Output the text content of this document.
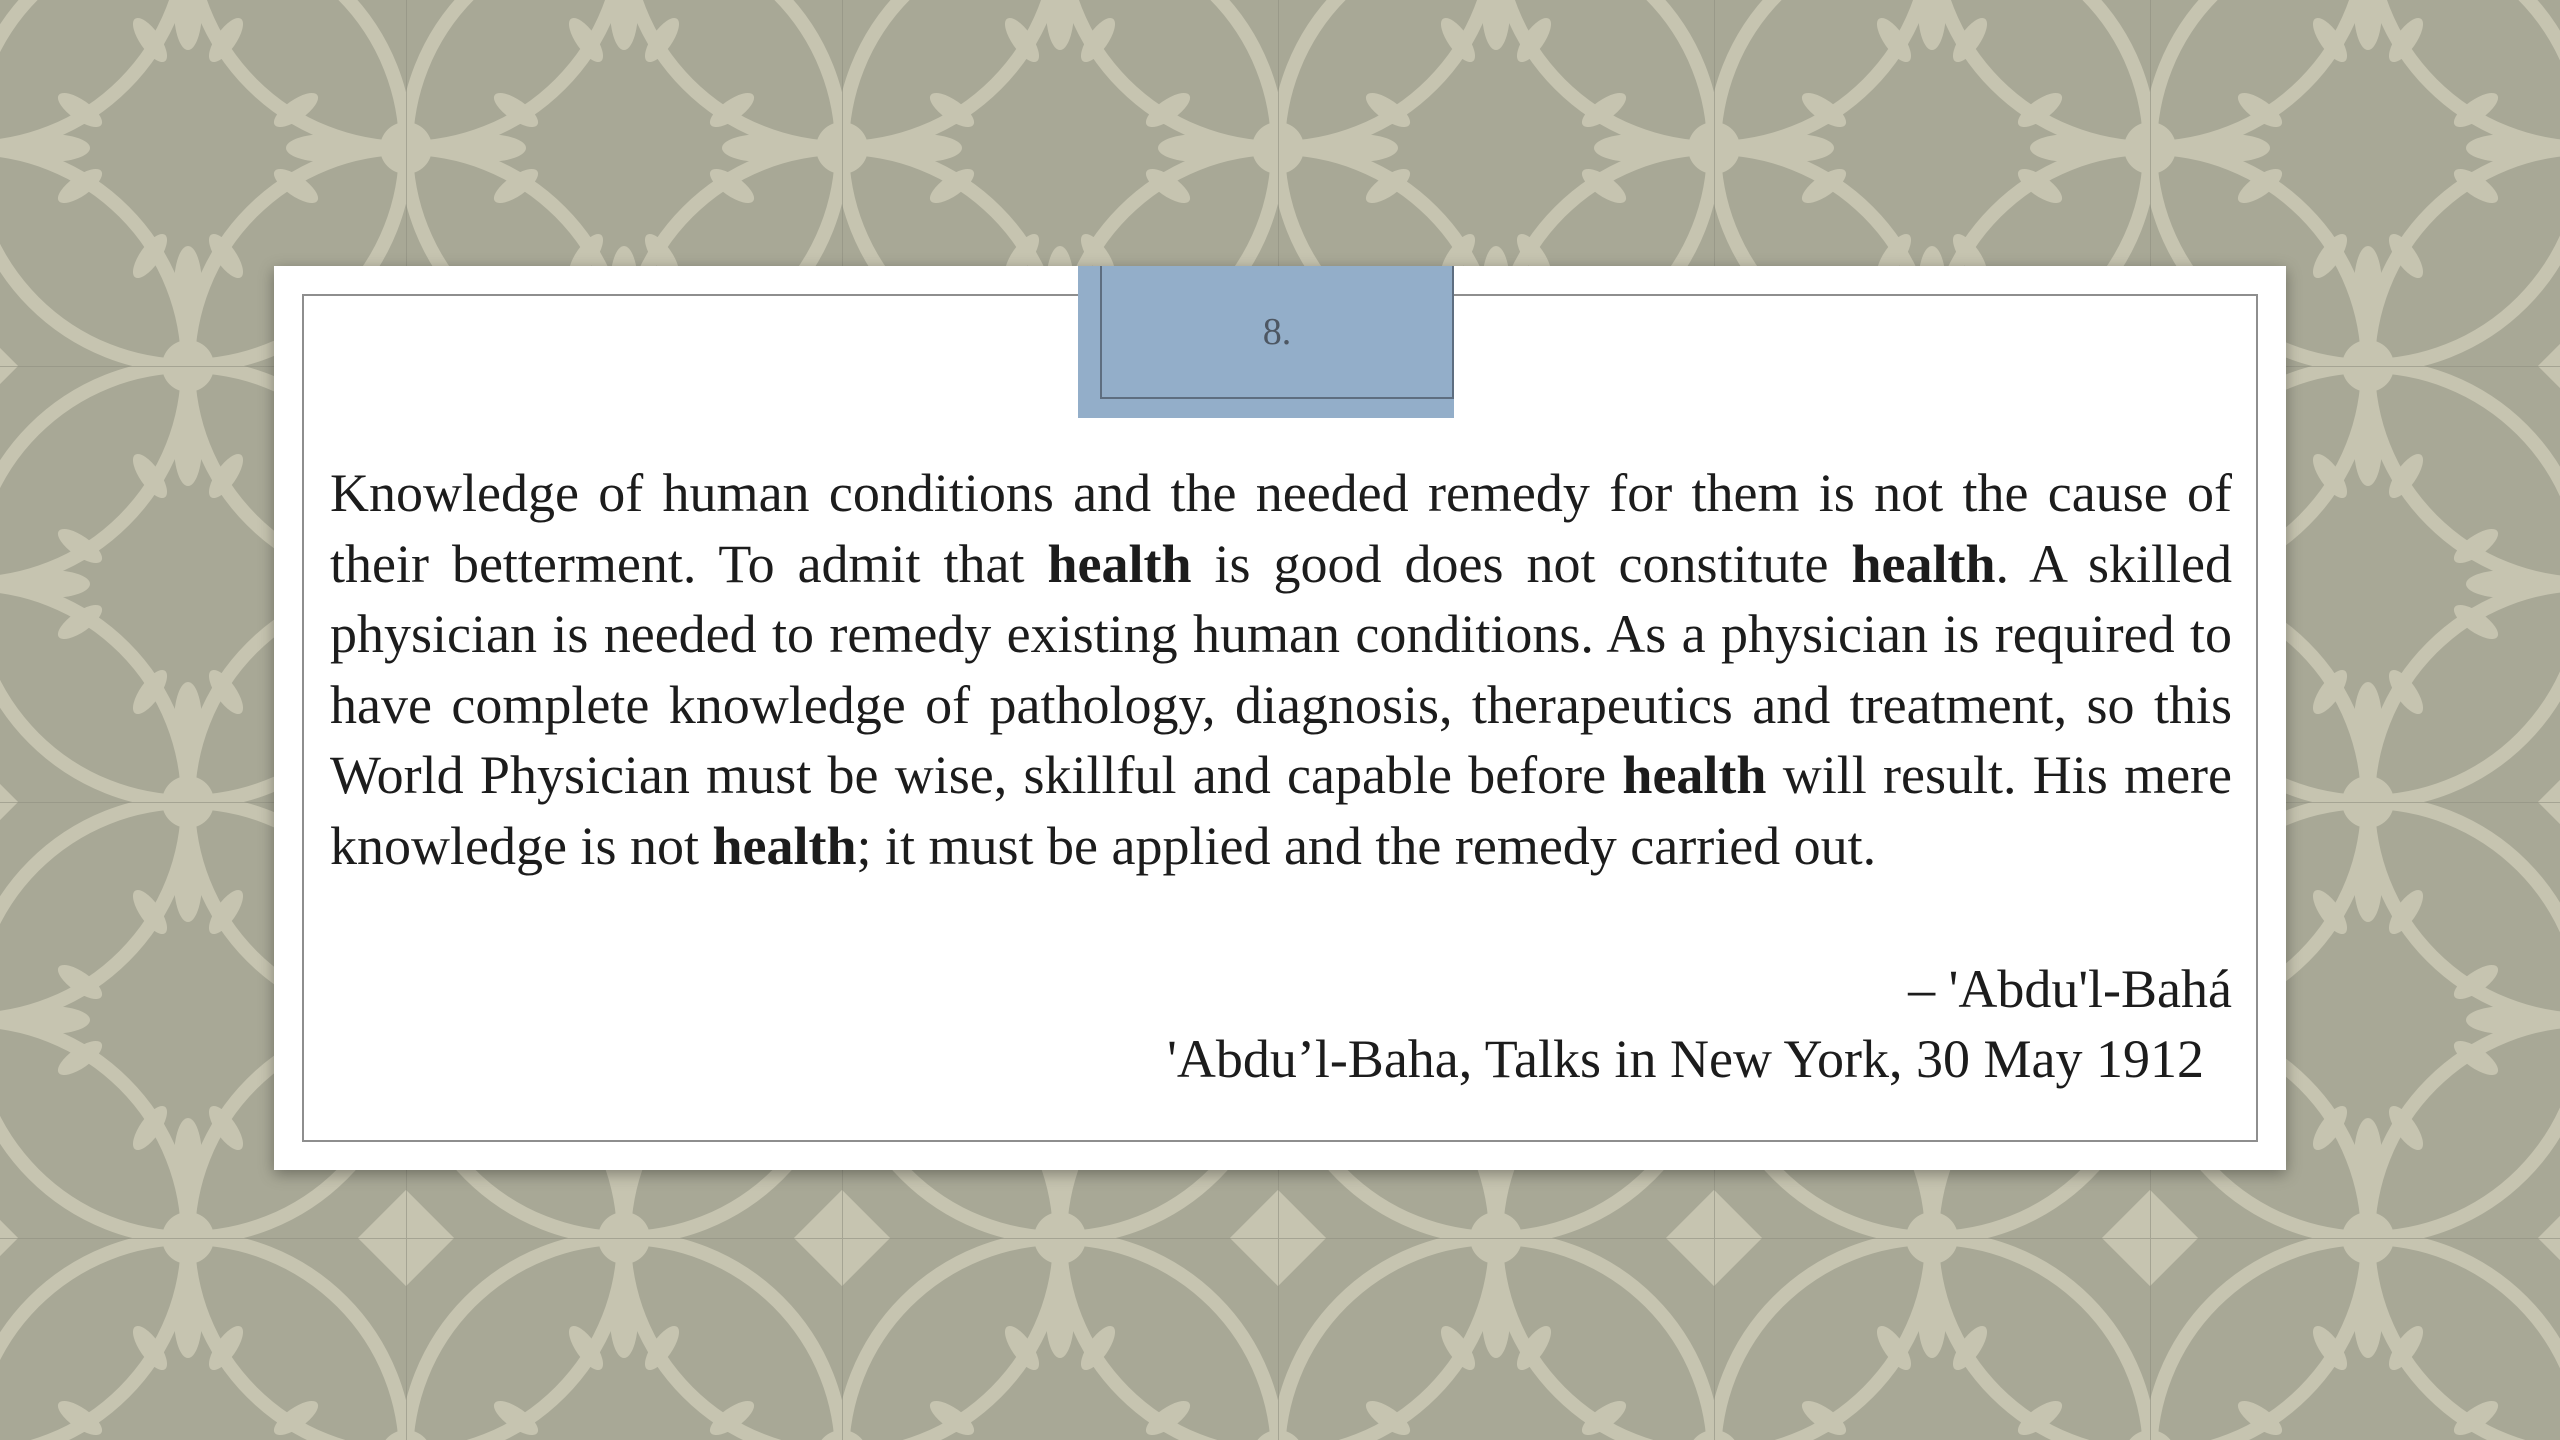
8.

Knowledge of human conditions and the needed remedy for them is not the cause of their betterment. To admit that health is good does not constitute health. A skilled physician is needed to remedy existing human conditions. As a physician is required to have complete knowledge of pathology, diagnosis, therapeutics and treatment, so this World Physician must be wise, skillful and capable before health will result. His mere knowledge is not health; it must be applied and the remedy carried out.

– 'Abdu'l-Bahá
'Abdu’l-Baha, Talks in New York, 30 May 1912
